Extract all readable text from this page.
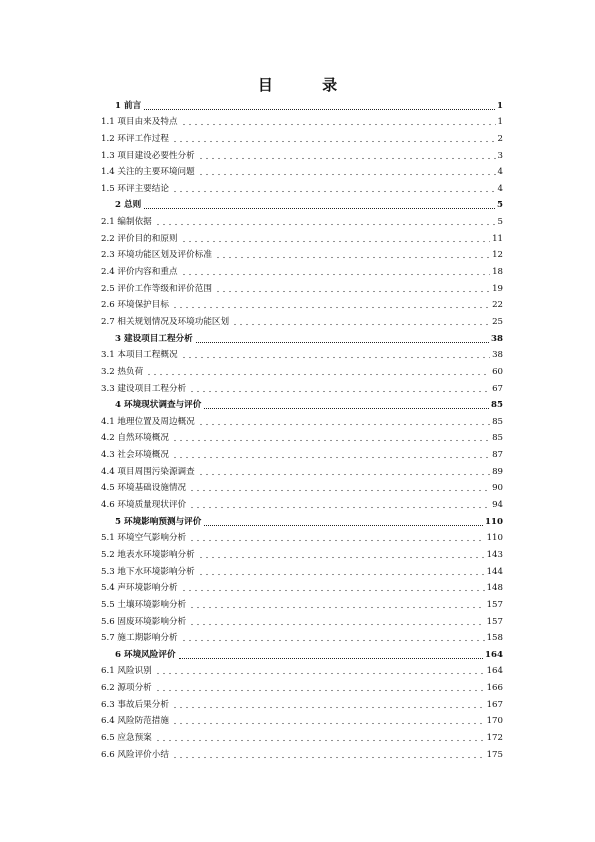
目 录
1 前言	1
1.1 项目由来及特点	1
1.2 环评工作过程	2
1.3 项目建设必要性分析	3
1.4 关注的主要环境问题	4
1.5 环评主要结论	4
2 总则	5
2.1 编制依据	5
2.2 评价目的和原则	11
2.3 环境功能区划及评价标准	12
2.4 评价内容和重点	18
2.5 评价工作等级和评价范围	19
2.6 环境保护目标	22
2.7 相关规划情况及环境功能区划	25
3 建设项目工程分析	38
3.1 本项目工程概况	38
3.2 热负荷	60
3.3 建设项目工程分析	67
4 环境现状调查与评价	85
4.1 地理位置及周边概况	85
4.2 自然环境概况	85
4.3 社会环境概况	87
4.4 项目周围污染源调查	89
4.5 环境基础设施情况	90
4.6 环境质量现状评价	94
5 环境影响预测与评价	110
5.1 环境空气影响分析	110
5.2 地表水环境影响分析	143
5.3 地下水环境影响分析	144
5.4 声环境影响分析	148
5.5 土壤环境影响分析	157
5.6 固废环境影响分析	157
5.7 施工期影响分析	158
6 环境风险评价	164
6.1 风险识别	164
6.2 源项分析	166
6.3 事故后果分析	167
6.4 风险防范措施	170
6.5 应急预案	172
6.6 风险评价小结	175
